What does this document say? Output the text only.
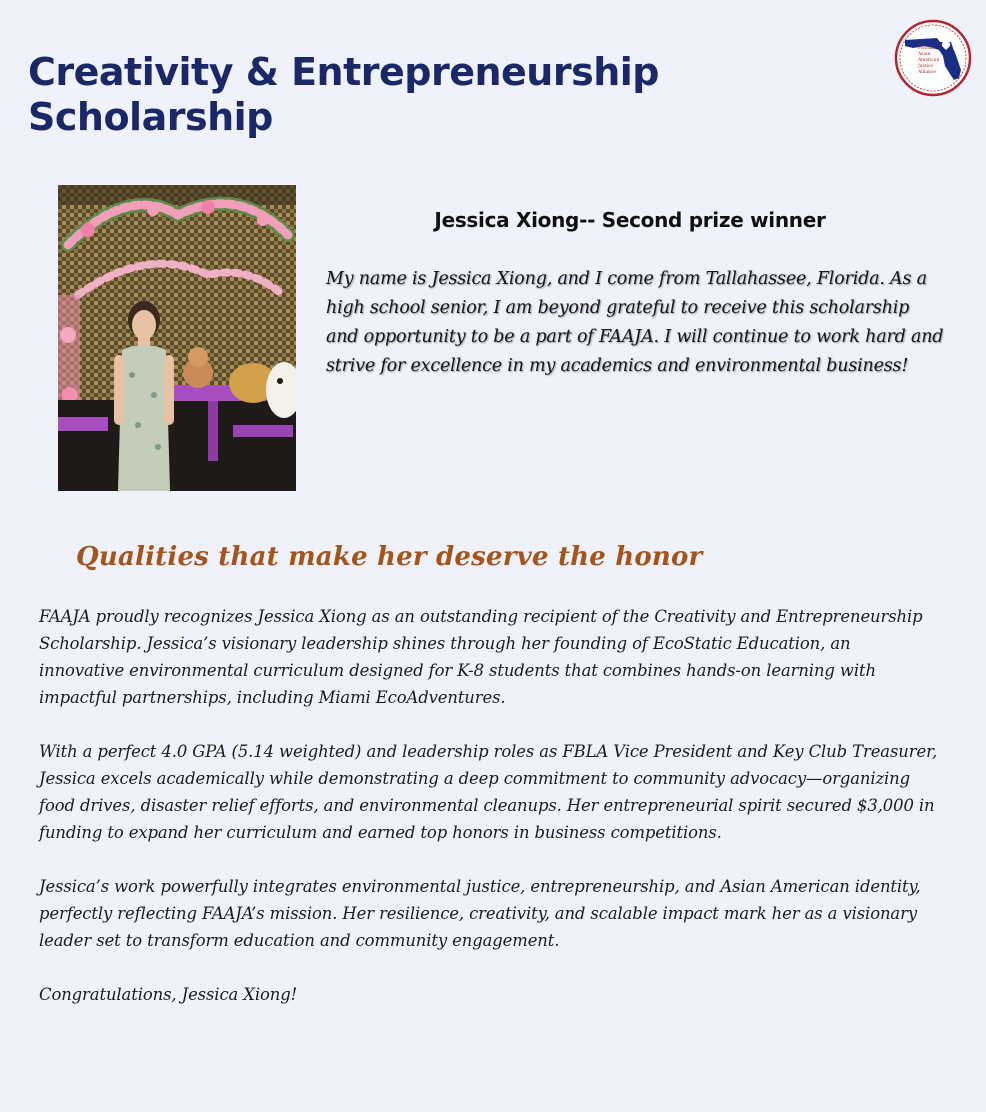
Creativity & Entrepreneurship
Scholarship
Florida
Asian
American
Justice
Alliance
Jessica Xiong-- Second prize winner

My name is Jessica Xiong, and I come from Tallahassee, Florida. As a high school senior, I am beyond grateful to receive this scholarship and opportunity to be a part of FAAJA. I will continue to work hard and strive for excellence in my academics and environmental business!

Qualities that make her deserve the honor

FAAJA proudly recognizes Jessica Xiong as an outstanding recipient of the Creativity and Entrepreneurship Scholarship. Jessica’s visionary leadership shines through her founding of EcoStatic Education, an innovative environmental curriculum designed for K-8 students that combines hands-on learning with impactful partnerships, including Miami EcoAdventures.

With a perfect 4.0 GPA (5.14 weighted) and leadership roles as FBLA Vice President and Key Club Treasurer, Jessica excels academically while demonstrating a deep commitment to community advocacy—organizing food drives, disaster relief efforts, and environmental cleanups. Her entrepreneurial spirit secured $3,000 in funding to expand her curriculum and earned top honors in business competitions.

Jessica’s work powerfully integrates environmental justice, entrepreneurship, and Asian American identity, perfectly reflecting FAAJA’s mission. Her resilience, creativity, and scalable impact mark her as a visionary leader set to transform education and community engagement.

Congratulations, Jessica Xiong!
